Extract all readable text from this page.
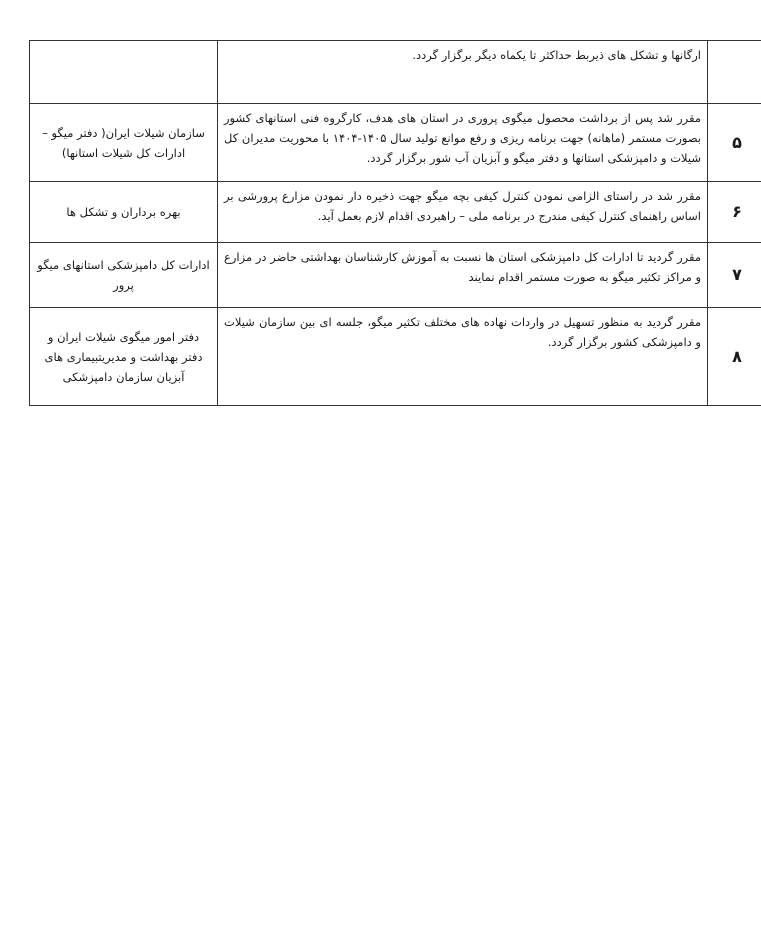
	ارگانها و تشکل های ذیربط حداکثر تا یکماه دیگر برگزار گردد.	

۵	مقرر شد پس از برداشت محصول میگوی پروری در استان های هدف، کارگروه فنی استانهای کشور بصورت مستمر (ماهانه) جهت برنامه ریزی و رفع موانع تولید سال ۱۴۰۵-۱۴۰۴ با محوریت مدیران کل شیلات و دامپزشکی استانها و دفتر میگو و آبزیان آب شور برگزار گردد.	سازمان شیلات ایران( دفتر میگو – ادارات کل شیلات استانها)
۶	مقرر شد در راستای الزامی نمودن کنترل کیفی بچه میگو جهت ذخیره دار نمودن مزارع پرورشی بر اساس راهنمای کنترل کیفی مندرج در برنامه ملی – راهبردی اقدام لازم بعمل آید.	بهره برداران و تشکل ها
۷	مقرر گردید تا ادارات کل دامپزشکی استان ها نسبت به آموزش کارشناسان بهداشتی حاضر در مزارع و مراکز تکثیر میگو به صورت مستمر اقدام نمایند	ادارات کل دامپزشکی استانهای میگو پرور
۸	مقرر گردید به منظور تسهیل در واردات نهاده های مختلف تکثیر میگو، جلسه ای بین سازمان شیلات و دامپزشکی کشور برگزار گردد.	دفتر امور میگوی شیلات ایران و دفتر بهداشت و مدیریتبیماری های آبزیان سازمان دامپزشکی
